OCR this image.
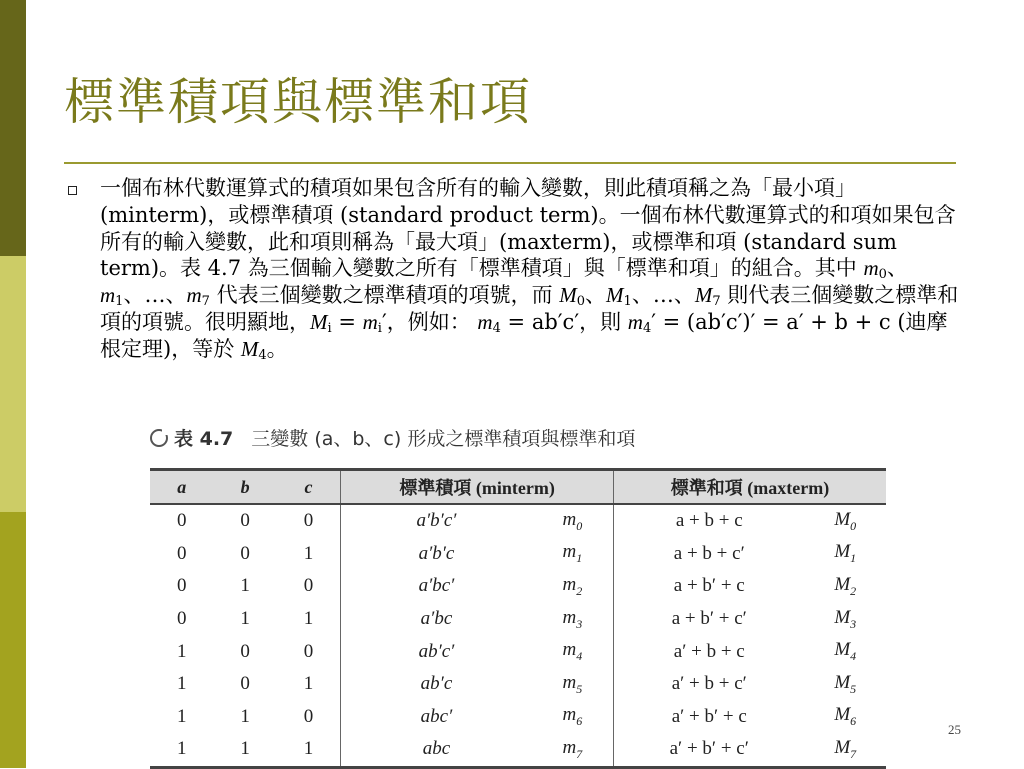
標準積項與標準和項
一個布林代數運算式的積項如果包含所有的輸入變數，則此積項稱之為「最小項」(minterm)，或標準積項 (standard product term)。一個布林代數運算式的和項如果包含所有的輸入變數，此和項則稱為「最大項」(maxterm)，或標準和項 (standard sum term)。表 4.7 為三個輸入變數之所有「標準積項」與「標準和項」的組合。其中 $m_0$、$m_1$、…、$m_7$ 代表三個變數之標準積項的項號，而 $M_0$、$M_1$、…、$M_7$ 則代表三個變數之標準和項的項號。很明顯地，$M_i = m_i'$，例如： $m_4 = ab'c'$，則 $m_4' = (ab'c')' = a' + b + c$ (迪摩根定理)，等於 $M_4$。
表 4.7 三變數 (a、b、c) 形成之標準積項與標準和項
a	b	c	標準積項 (minterm)		標準和項 (maxterm)	
0	0	0	a′b′c′	$m_0$	a + b + c	$M_0$
0	0	1	a′b′c	$m_1$	a + b + c′	$M_1$
0	1	0	a′bc′	$m_2$	a + b′ + c	$M_2$
0	1	1	a′bc	$m_3$	a + b′ + c′	$M_3$
1	0	0	ab′c′	$m_4$	a′ + b + c	$M_4$
1	0	1	ab′c	$m_5$	a′ + b + c′	$M_5$
1	1	0	abc′	$m_6$	a′ + b′ + c	$M_6$
1	1	1	abc	$m_7$	a′ + b′ + c′	$M_7$
25
